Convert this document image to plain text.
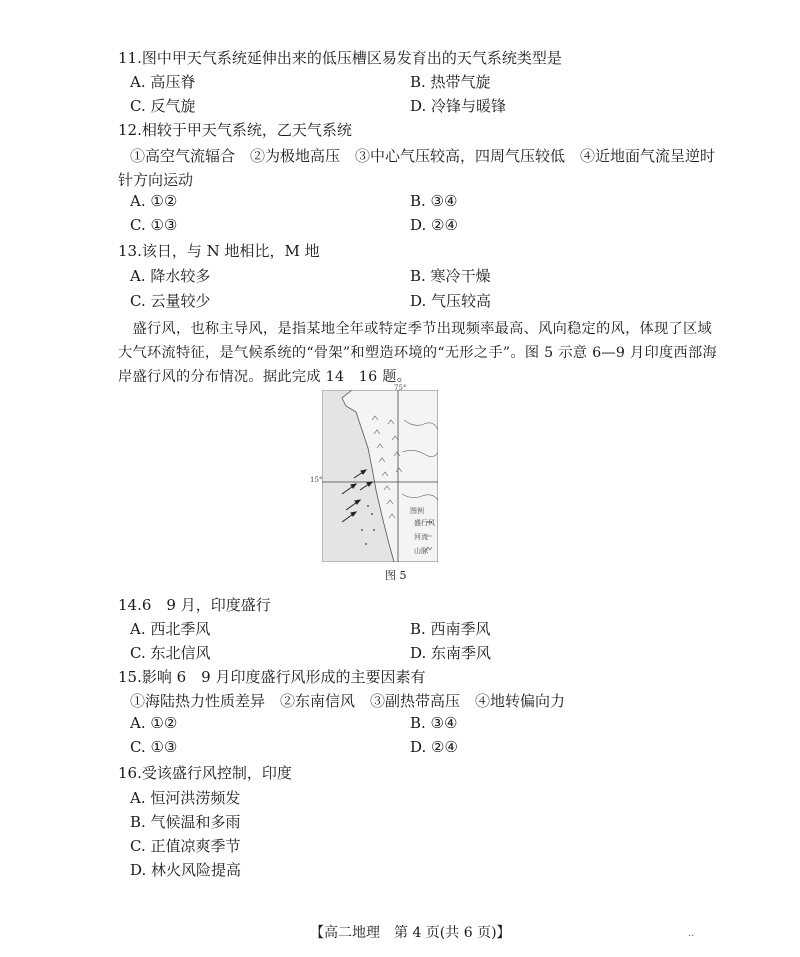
11.图中甲天气系统延伸出来的低压槽区易发育出的天气系统类型是
A. 高压脊	B. 热带气旋
C. 反气旋	D. 冷锋与暖锋
12.相较于甲天气系统，乙天气系统
①高空气流辐合　②为极地高压　③中心气压较高，四周气压较低　④近地面气流呈逆时
针方向运动
A. ①②	B. ③④
C. ①③	D. ②④
13.该日，与 N 地相比，M 地
A. 降水较多	B. 寒冷干燥
C. 云量较少	D. 气压较高
　盛行风，也称主导风，是指某地全年或特定季节出现频率最高、风向稳定的风，体现了区域
大气环流特征，是气候系统的“骨架”和塑造环境的“无形之手”。图 5 示意 6—9 月印度西部海
岸盛行风的分布情况。据此完成 14　16 题。
75°
15°
图例
盛行风
河流
山脉
图 5
14.6　9 月，印度盛行
A. 西北季风	B. 西南季风
C. 东北信风	D. 东南季风
15.影响 6　9 月印度盛行风形成的主要因素有
①海陆热力性质差异　②东南信风　③副热带高压　④地转偏向力
A. ①②	B. ③④
C. ①③	D. ②④
16.受该盛行风控制，印度
A. 恒河洪涝频发
B. 气候温和多雨
C. 正值凉爽季节
D. 林火风险提高
【高二地理　第 4 页(共 6 页)】	..
